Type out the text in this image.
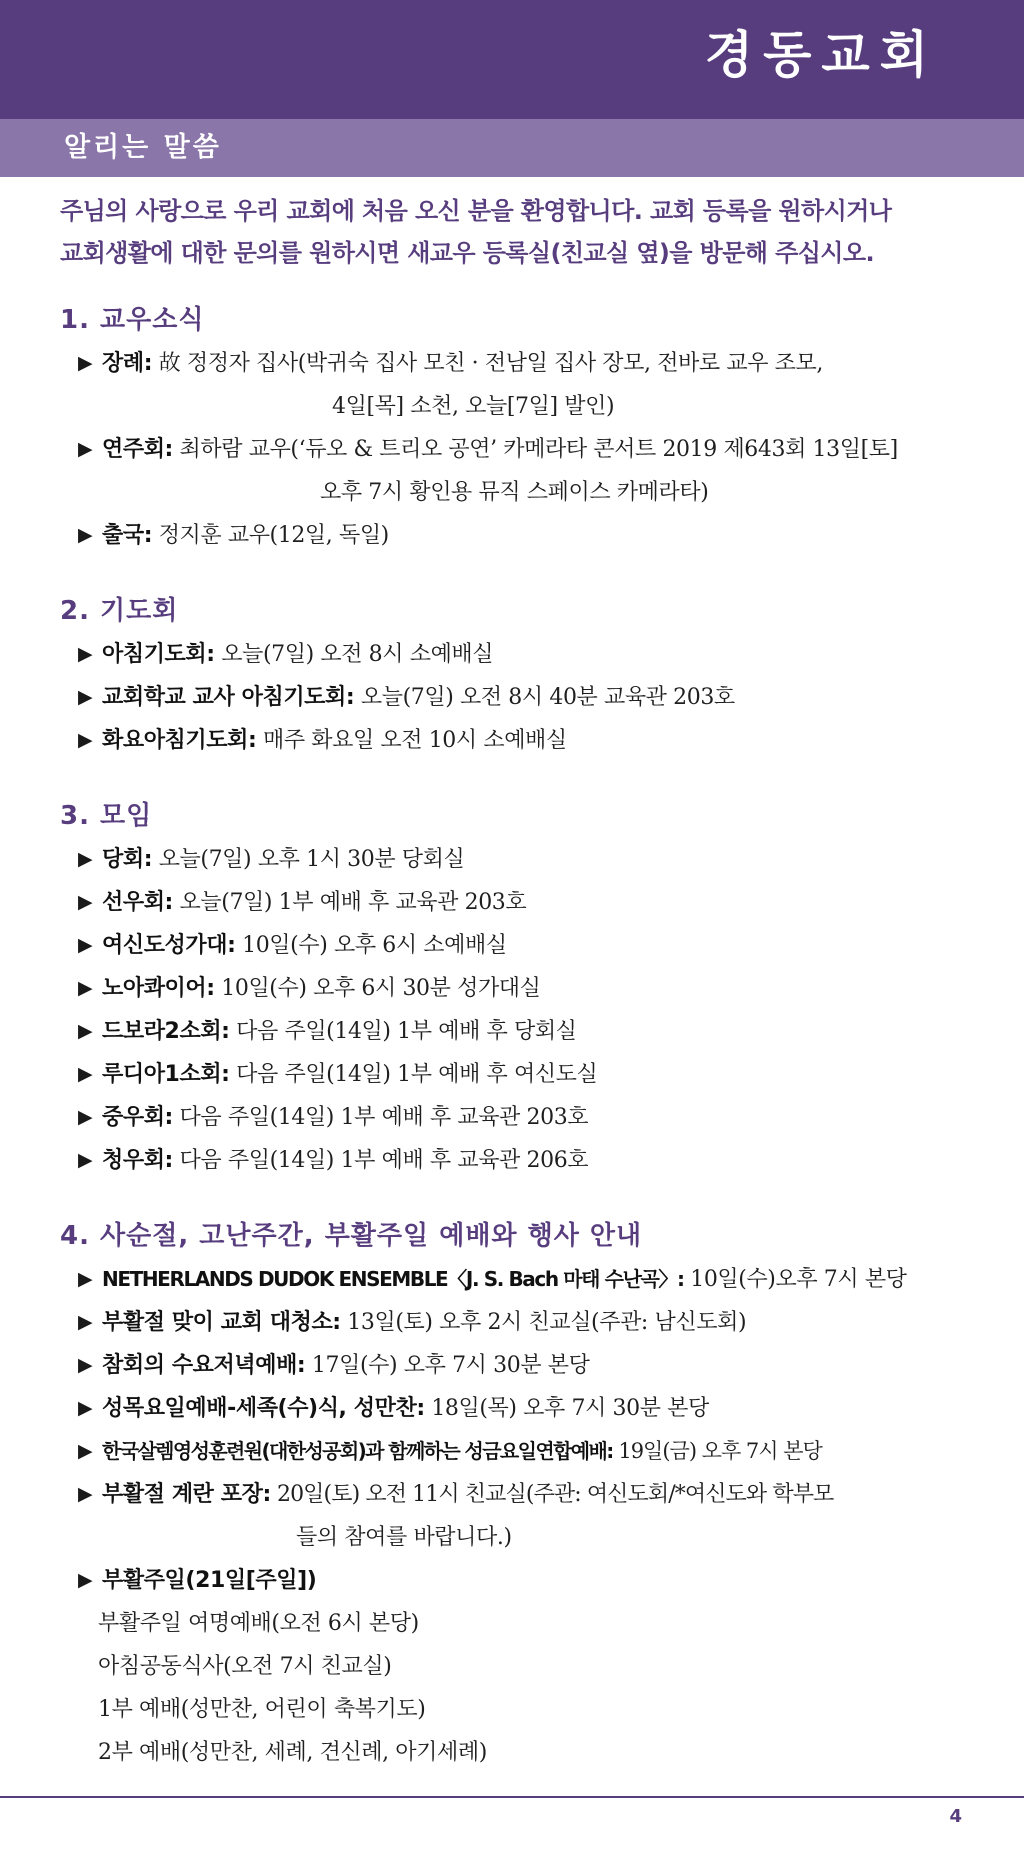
경동교회
알리는 말씀
주님의 사랑으로 우리 교회에 처음 오신 분을 환영합니다. 교회 등록을 원하시거나
교회생활에 대한 문의를 원하시면 새교우 등록실(친교실 옆)을 방문해 주십시오.
1. 교우소식
▶ 장례: 故 정정자 집사(박귀숙 집사 모친 · 전남일 집사 장모, 전바로 교우 조모,
4일[목] 소천, 오늘[7일] 발인)
▶ 연주회: 최하람 교우(‘듀오 & 트리오 공연’ 카메라타 콘서트 2019 제643회 13일[토]
오후 7시 황인용 뮤직 스페이스 카메라타)
▶ 출국: 정지훈 교우(12일, 독일)
2. 기도회
▶ 아침기도회: 오늘(7일) 오전 8시 소예배실
▶ 교회학교 교사 아침기도회: 오늘(7일) 오전 8시 40분 교육관 203호
▶ 화요아침기도회: 매주 화요일 오전 10시 소예배실
3. 모임
▶ 당회: 오늘(7일) 오후 1시 30분 당회실
▶ 선우회: 오늘(7일) 1부 예배 후 교육관 203호
▶ 여신도성가대: 10일(수) 오후 6시 소예배실
▶ 노아콰이어: 10일(수) 오후 6시 30분 성가대실
▶ 드보라2소회: 다음 주일(14일) 1부 예배 후 당회실
▶ 루디아1소회: 다음 주일(14일) 1부 예배 후 여신도실
▶ 중우회: 다음 주일(14일) 1부 예배 후 교육관 203호
▶ 청우회: 다음 주일(14일) 1부 예배 후 교육관 206호
4. 사순절, 고난주간, 부활주일 예배와 행사 안내
▶ NETHERLANDS DUDOK ENSEMBLE〈J. S. Bach 마태 수난곡〉: 10일(수)오후 7시 본당
▶ 부활절 맞이 교회 대청소: 13일(토) 오후 2시 친교실(주관: 남신도회)
▶ 참회의 수요저녁예배: 17일(수) 오후 7시 30분 본당
▶ 성목요일예배-세족(수)식, 성만찬: 18일(목) 오후 7시 30분 본당
▶ 한국살렘영성훈련원(대한성공회)과 함께하는 성금요일연합예배: 19일(금) 오후 7시 본당
▶ 부활절 계란 포장: 20일(토) 오전 11시 친교실(주관: 여신도회/*여신도와 학부모
들의 참여를 바랍니다.)
▶ 부활주일(21일[주일])
부활주일 여명예배(오전 6시 본당)
아침공동식사(오전 7시 친교실)
1부 예배(성만찬, 어린이 축복기도)
2부 예배(성만찬, 세례, 견신례, 아기세례)
4
